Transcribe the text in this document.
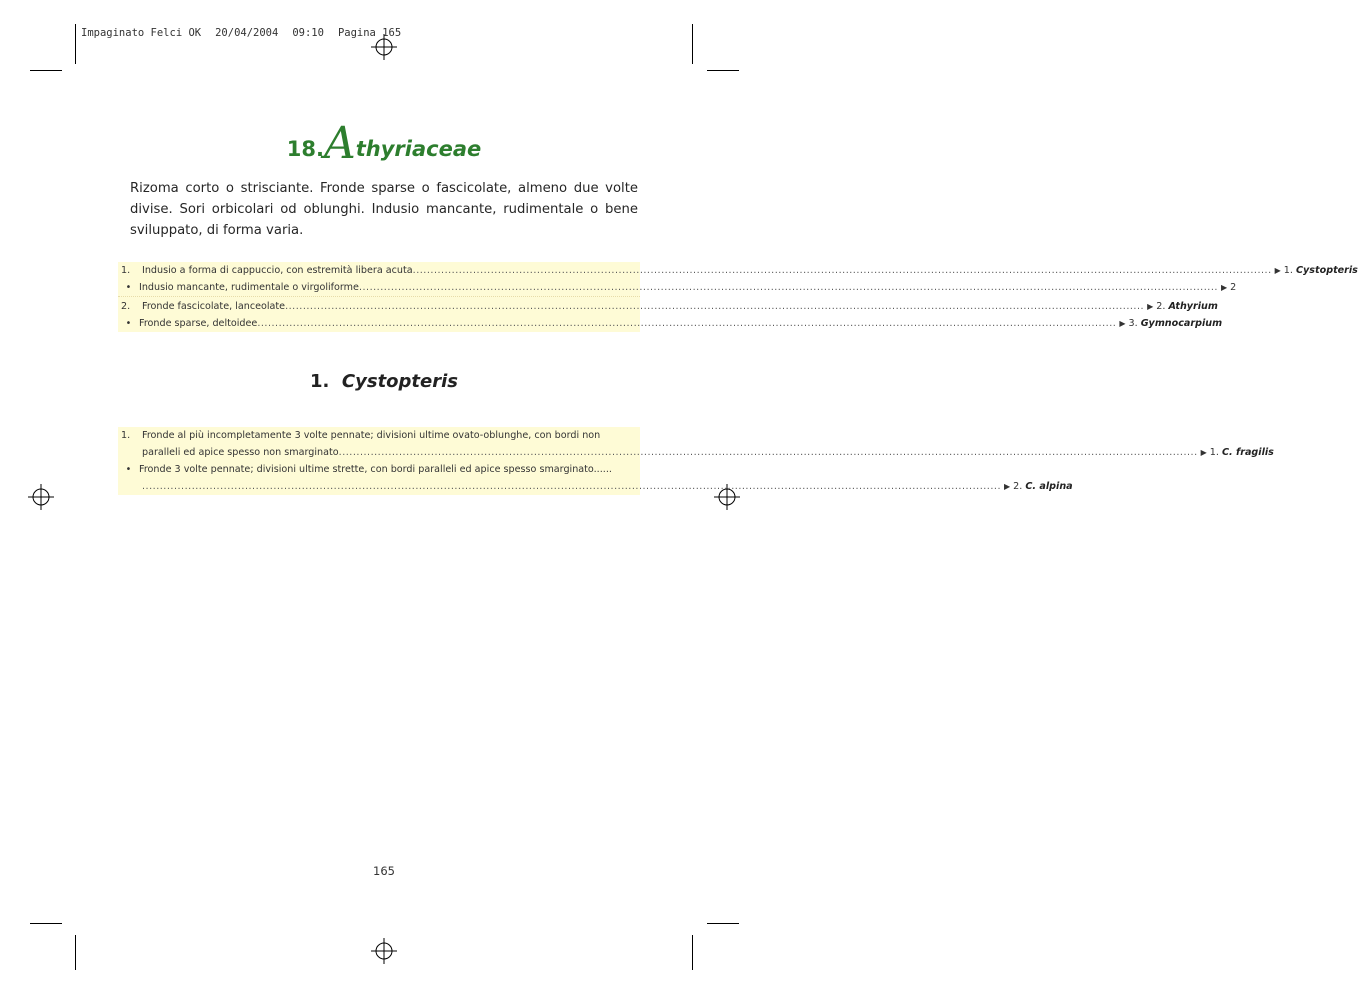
Impaginato Felci OK 20/04/2004 09:10 Pagina 165
18.Athyriaceae

Rizoma corto o strisciante. Fronde sparse o fascicolate, almeno due volte divise. Sori orbicolari od oblunghi. Indusio mancante, rudimentale o bene sviluppato, di forma varia.

1.	Indusio a forma di cappuccio, con estremità libera acuta .....	▶ 1. Cystopteris
• Indusio mancante, rudimentale o virgoliforme .....	▶ 2
2.	Fronde fascicolate, lanceolate .....	▶ 2. Athyrium
• Fronde sparse, deltoidee .....	▶ 3. Gymnocarpium
1. Cystopteris
1.	Fronde al più incompletamente 3 volte pennate; divisioni ultime ovato-oblunghe, con bordi non
paralleli ed apice spesso non smarginato .....	▶ 1. C. fragilis
• Fronde 3 volte pennate; divisioni ultime strette, con bordi paralleli ed apice spesso smarginato......
.....
▶ 2. C. alpina
165
